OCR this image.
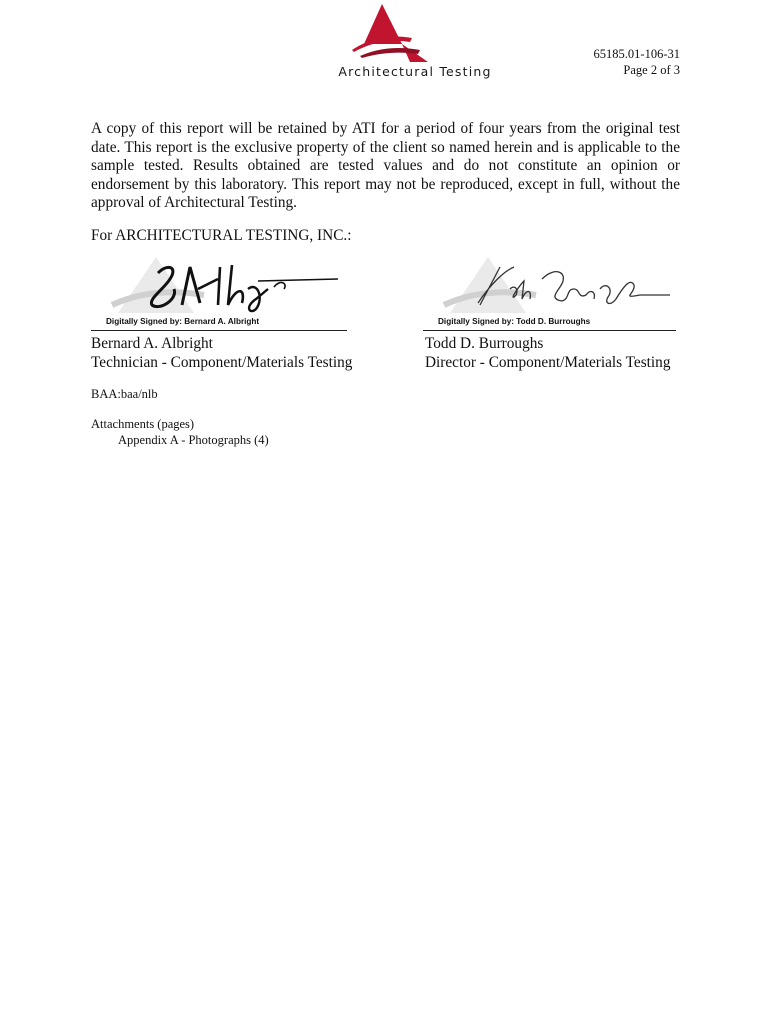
Architectural Testing
65185.01-106-31
Page 2 of 3

A copy of this report will be retained by ATI for a period of four years from the original test date. This report is the exclusive property of the client so named herein and is applicable to the sample tested. Results obtained are tested values and do not constitute an opinion or endorsement by this laboratory. This report may not be reproduced, except in full, without the approval of Architectural Testing.

For ARCHITECTURAL TESTING, INC.:
Digitally Signed by: Bernard A. Albright	Digitally Signed by: Todd D. Burroughs
Bernard A. Albright
Technician - Component/Materials Testing
Todd D. Burroughs
Director - Component/Materials Testing
BAA:baa/nlb
Attachments (pages)
Appendix A - Photographs (4)
